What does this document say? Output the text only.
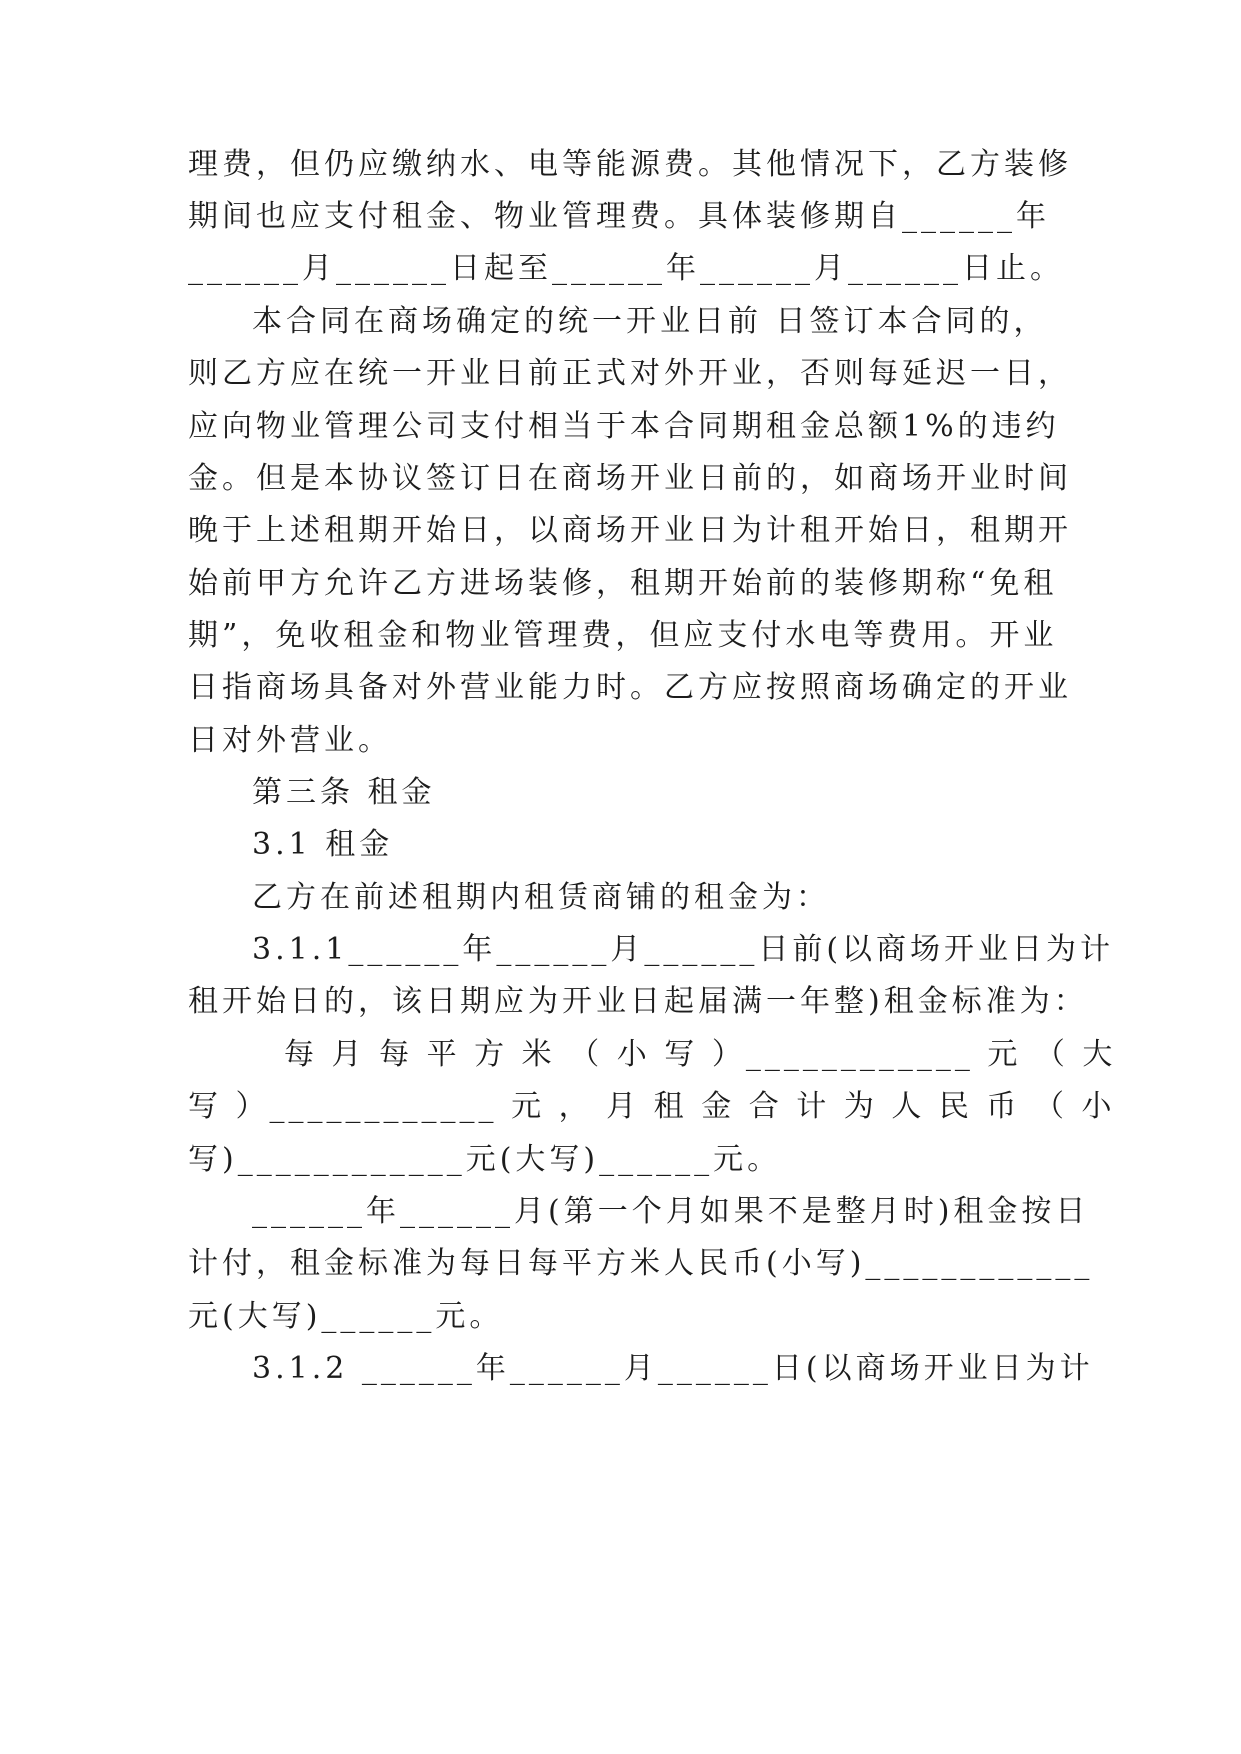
理费，但仍应缴纳水、电等能源费。其他情况下，乙方装修
期间也应支付租金、物业管理费。具体装修期自______年
______月______日起至______年______月______日止。
本合同在商场确定的统一开业日前 日签订本合同的，
则乙方应在统一开业日前正式对外开业，否则每延迟一日，
应向物业管理公司支付相当于本合同期租金总额1%的违约
金。但是本协议签订日在商场开业日前的，如商场开业时间
晚于上述租期开始日，以商场开业日为计租开始日，租期开
始前甲方允许乙方进场装修，租期开始前的装修期称“免租
期”，免收租金和物业管理费，但应支付水电等费用。开业
日指商场具备对外营业能力时。乙方应按照商场确定的开业
日对外营业。
第三条 租金
3.1 租金
乙方在前述租期内租赁商铺的租金为：
3.1.1______年______月______日前(以商场开业日为计
租开始日的，该日期应为开业日起届满一年整)租金标准为：
每 月 每 平 方 米 （ 小 写 ）____________ 元 （ 大
写 ）____________ 元 ， 月 租 金 合 计 为 人 民 币 （ 小
写)____________元(大写)______元。
______年______月(第一个月如果不是整月时)租金按日
计付，租金标准为每日每平方米人民币(小写)____________
元(大写)______元。
3.1.2 ______年______月______日(以商场开业日为计
